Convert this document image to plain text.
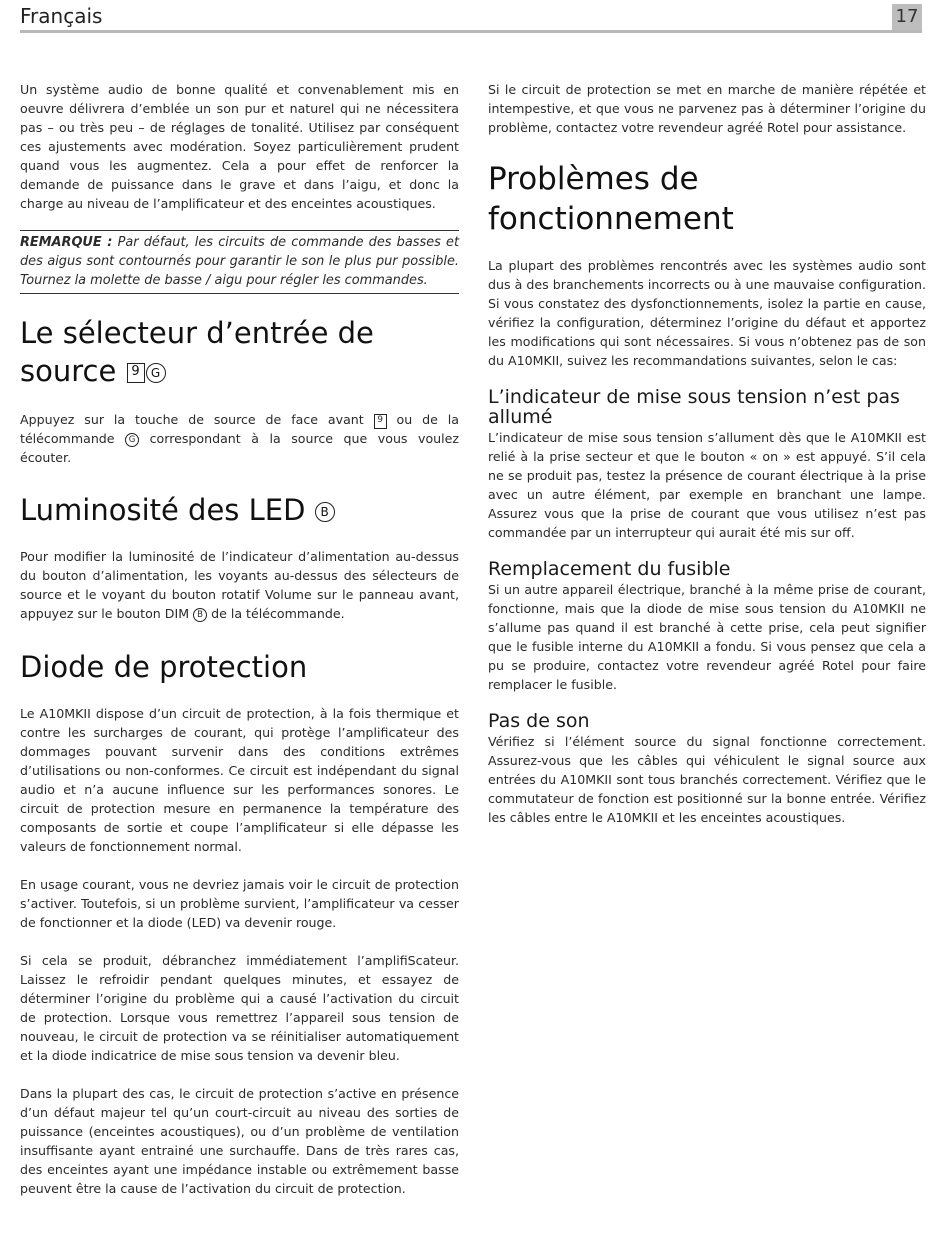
Français	17

Un système audio de bonne qualité et convenablement mis en oeuvre délivrera d’emblée un son pur et naturel qui ne nécessitera pas – ou très peu – de réglages de tonalité. Utilisez par conséquent ces ajustements avec modération. Soyez particulièrement prudent quand vous les augmentez. Cela a pour effet de renforcer la demande de puissance dans le grave et dans l’aigu, et donc la charge au niveau de l’amplificateur et des enceintes acoustiques.

REMARQUE : Par défaut, les circuits de commande des basses et des aigus sont contournés pour garantir le son le plus pur possible. Tournez la molette de basse / aigu pour régler les commandes.

Le sélecteur d’entrée de source 9 G

Appuyez sur la touche de source de face avant 9 ou de la télécommande G correspondant à la source que vous voulez écouter.

Luminosité des LED B

Pour modifier la luminosité de l’indicateur d’alimentation au-dessus du bouton d’alimentation, les voyants au-dessus des sélecteurs de source et le voyant du bouton rotatif Volume sur le panneau avant, appuyez sur le bouton DIM B de la télécommande.

Diode de protection

Le A10MKII dispose d’un circuit de protection, à la fois thermique et contre les surcharges de courant, qui protège l’amplificateur des dommages pouvant survenir dans des conditions extrêmes d’utilisations ou non-conformes. Ce circuit est indépendant du signal audio et n’a aucune influence sur les performances sonores. Le circuit de protection mesure en permanence la température des composants de sortie et coupe l’amplificateur si elle dépasse les valeurs de fonctionnement normal.

En usage courant, vous ne devriez jamais voir le circuit de protection s’activer. Toutefois, si un problème survient, l’amplificateur va cesser de fonctionner et la diode (LED) va devenir rouge.

Si cela se produit, débranchez immédiatement l’amplifiScateur. Laissez le refroidir pendant quelques minutes, et essayez de déterminer l’origine du problème qui a causé l’activation du circuit de protection. Lorsque vous remettrez l’appareil sous tension de nouveau, le circuit de protection va se réinitialiser automatiquement et la diode indicatrice de mise sous tension va devenir bleu.

Dans la plupart des cas, le circuit de protection s’active en présence d’un défaut majeur tel qu’un court-circuit au niveau des sorties de puissance (enceintes acoustiques), ou d’un problème de ventilation insuffisante ayant entrainé une surchauffe. Dans de très rares cas, des enceintes ayant une impédance instable ou extrêmement basse peuvent être la cause de l’activation du circuit de protection.

Si le circuit de protection se met en marche de manière répétée et intempestive, et que vous ne parvenez pas à déterminer l’origine du problème, contactez votre revendeur agréé Rotel pour assistance.

Problèmes de fonctionnement

La plupart des problèmes rencontrés avec les systèmes audio sont dus à des branchements incorrects ou à une mauvaise configuration. Si vous constatez des dysfonctionnements, isolez la partie en cause, vérifiez la configuration, déterminez l’origine du défaut et apportez les modifications qui sont nécessaires. Si vous n’obtenez pas de son du A10MKII, suivez les recommandations suivantes, selon le cas:

L’indicateur de mise sous tension n’est pas allumé

L’indicateur de mise sous tension s’allument dès que le A10MKII est relié à la prise secteur et que le bouton « on » est appuyé. S’il cela ne se produit pas, testez la présence de courant électrique à la prise avec un autre élément, par exemple en branchant une lampe. Assurez vous que la prise de courant que vous utilisez n’est pas commandée par un interrupteur qui aurait été mis sur off.

Remplacement du fusible

Si un autre appareil électrique, branché à la même prise de courant, fonctionne, mais que la diode de mise sous tension du A10MKII ne s’allume pas quand il est branché à cette prise, cela peut signifier que le fusible interne du A10MKII a fondu. Si vous pensez que cela a pu se produire, contactez votre revendeur agréé Rotel pour faire remplacer le fusible.

Pas de son

Vérifiez si l’élément source du signal fonctionne correctement. Assurez-vous que les câbles qui véhiculent le signal source aux entrées du A10MKII sont tous branchés correctement. Vérifiez que le commutateur de fonction est positionné sur la bonne entrée. Vérifiez les câbles entre le A10MKII et les enceintes acoustiques.
